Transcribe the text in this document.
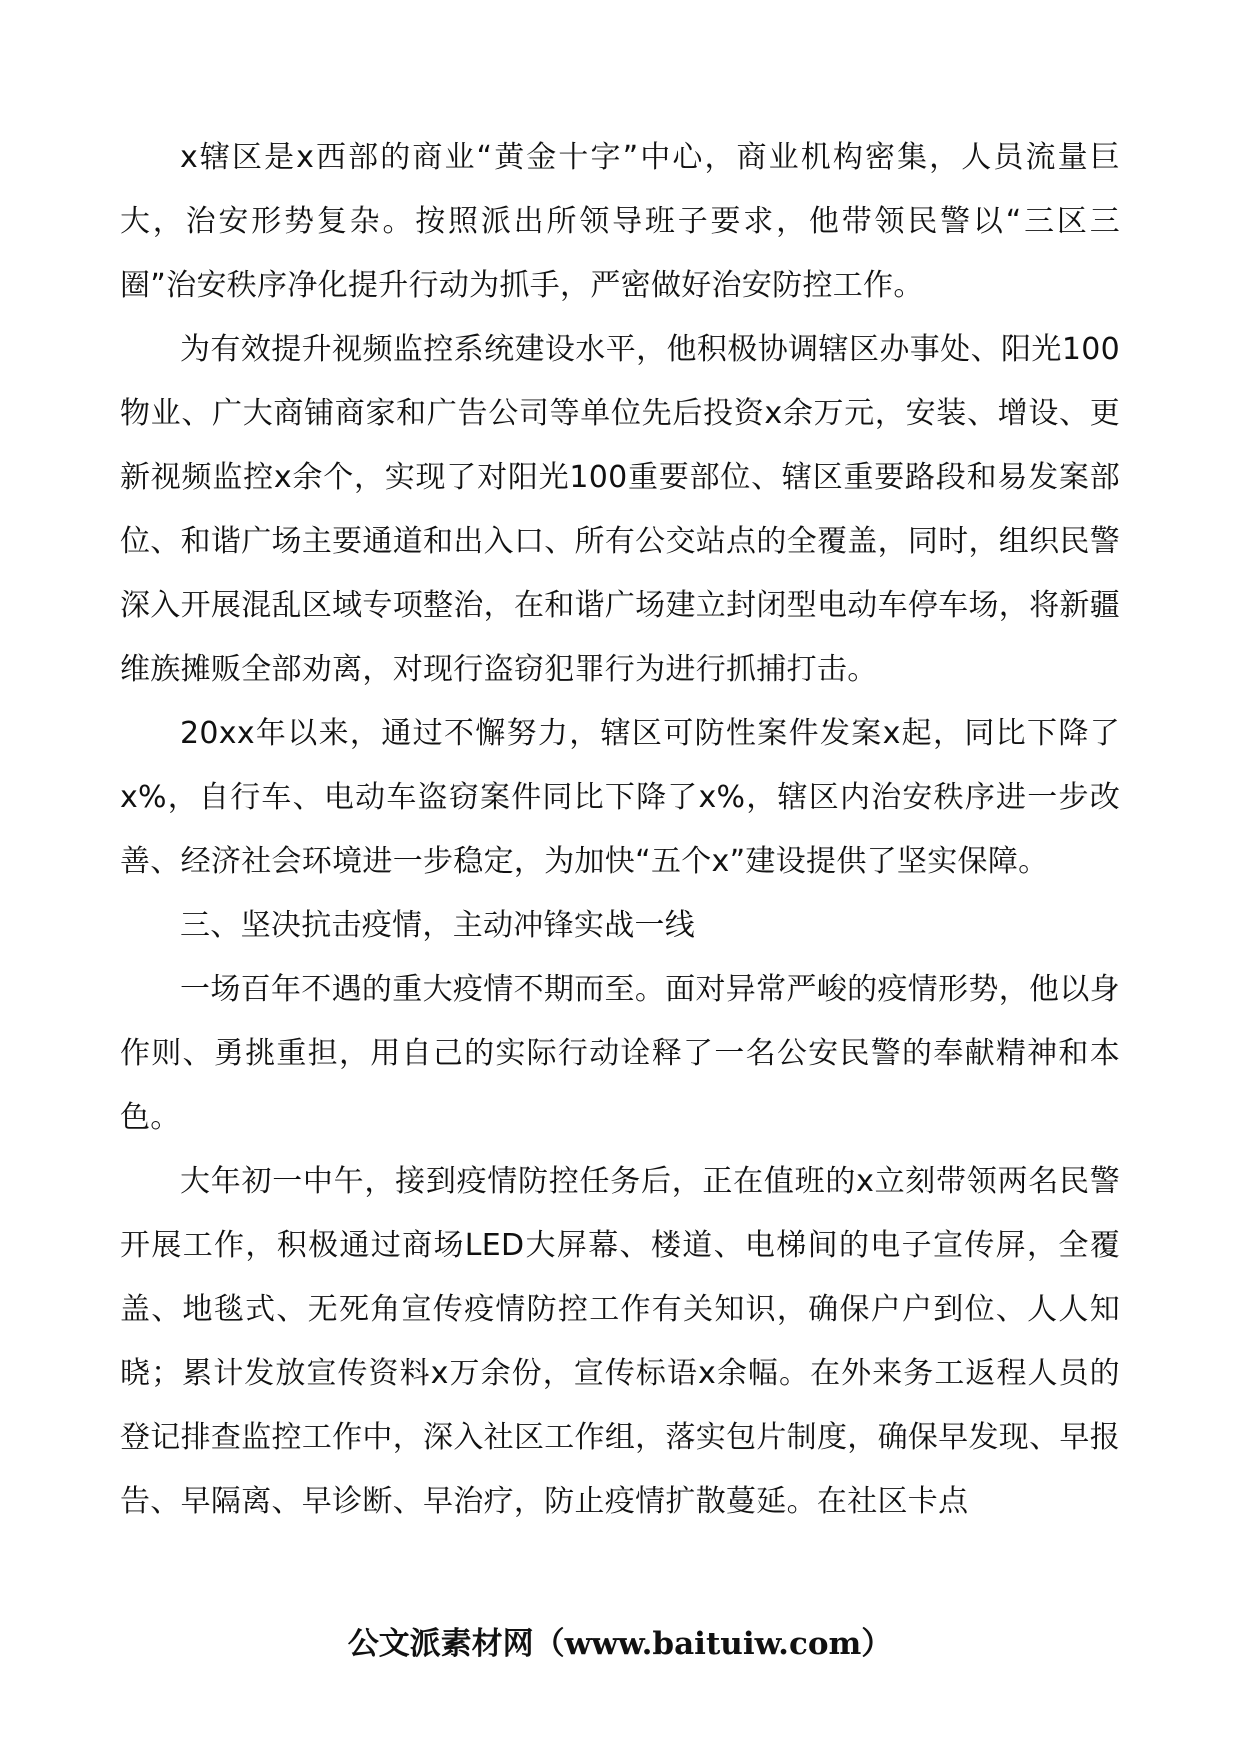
x辖区是x西部的商业“黄金十字”中心，商业机构密集，人员流量巨大，治安形势复杂。按照派出所领导班子要求，他带领民警以“三区三圈”治安秩序净化提升行动为抓手，严密做好治安防控工作。

为有效提升视频监控系统建设水平，他积极协调辖区办事处、阳光100物业、广大商铺商家和广告公司等单位先后投资x余万元，安装、增设、更新视频监控x余个，实现了对阳光100重要部位、辖区重要路段和易发案部位、和谐广场主要通道和出入口、所有公交站点的全覆盖，同时，组织民警深入开展混乱区域专项整治，在和谐广场建立封闭型电动车停车场，将新疆维族摊贩全部劝离，对现行盗窃犯罪行为进行抓捕打击。

20xx年以来，通过不懈努力，辖区可防性案件发案x起，同比下降了x%，自行车、电动车盗窃案件同比下降了x%，辖区内治安秩序进一步改善、经济社会环境进一步稳定，为加快“五个x”建设提供了坚实保障。

三、坚决抗击疫情，主动冲锋实战一线

一场百年不遇的重大疫情不期而至。面对异常严峻的疫情形势，他以身作则、勇挑重担，用自己的实际行动诠释了一名公安民警的奉献精神和本色。

大年初一中午，接到疫情防控任务后，正在值班的x立刻带领两名民警开展工作，积极通过商场LED大屏幕、楼道、电梯间的电子宣传屏，全覆盖、地毯式、无死角宣传疫情防控工作有关知识，确保户户到位、人人知晓；累计发放宣传资料x万余份，宣传标语x余幅。在外来务工返程人员的登记排查监控工作中，深入社区工作组，落实包片制度，确保早发现、早报告、早隔离、早诊断、早治疗，防止疫情扩散蔓延。在社区卡点

公文派素材网（www.baituiw.com）
